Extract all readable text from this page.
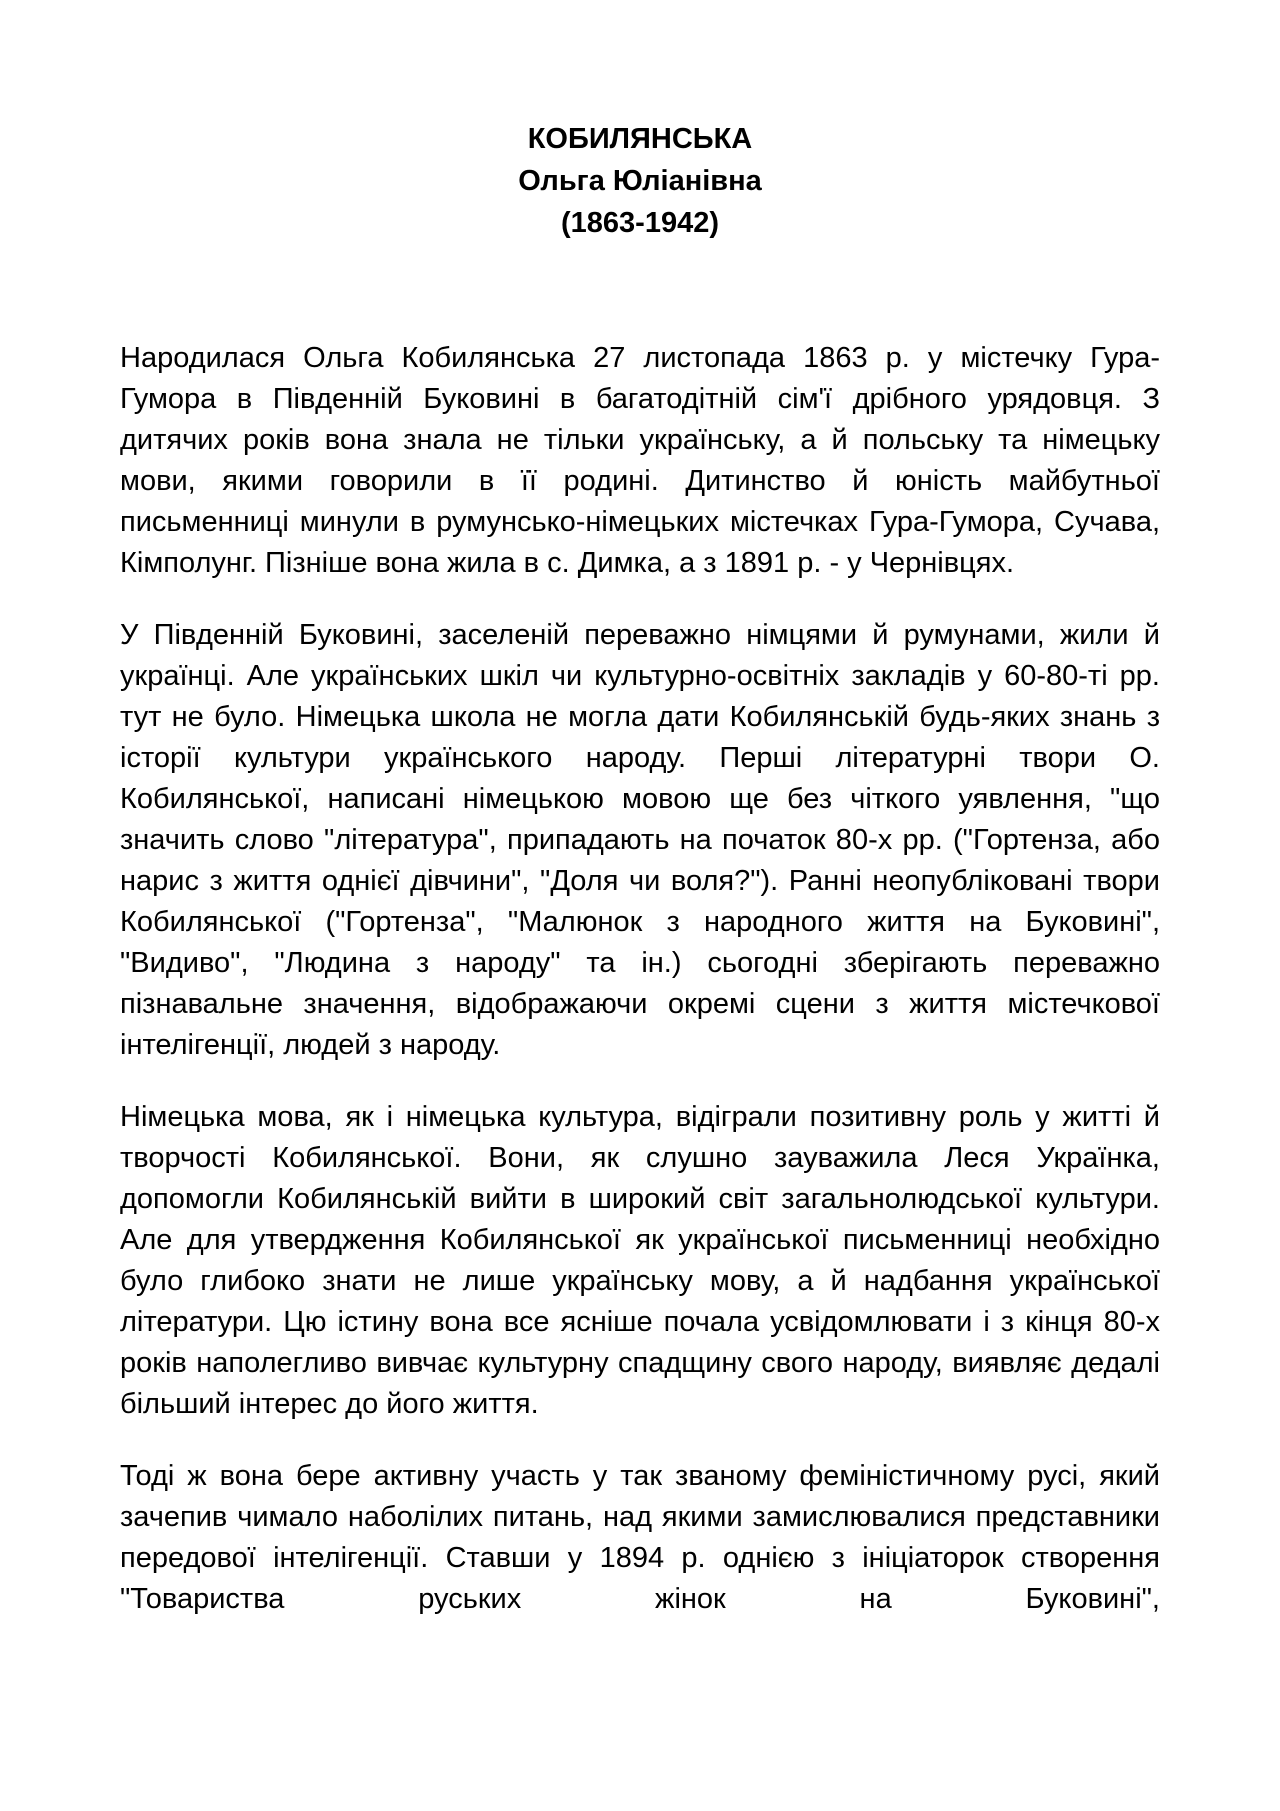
КОБИЛЯНСЬКА
Ольга Юліанівна
(1863-1942)

Народилася Ольга Кобилянська 27 листопада 1863 р. у містечку Гура-Гумора в Південній Буковині в багатодітній сім'ї дрібного урядовця. З дитячих років вона знала не тільки українську, а й польську та німецьку мови, якими говорили в її родині. Дитинство й юність майбутньої письменниці минули в румунсько-німецьких містечках Гура-Гумора, Сучава, Кімполунг. Пізніше вона жила в с. Димка, а з 1891 р. - у Чернівцях.

У Південній Буковині, заселеній переважно німцями й румунами, жили й українці. Але українських шкіл чи культурно-освітніх закладів у 60-80-ті рр. тут не було. Німецька школа не могла дати Кобилянській будь-яких знань з історії культури українського народу. Перші літературні твори О. Кобилянської, написані німецькою мовою ще без чіткого уявлення, "що значить слово "література", припадають на початок 80-х рр. ("Гортенза, або нарис з життя однієї дівчини", "Доля чи воля?"). Ранні неопубліковані твори Кобилянської ("Гортенза", "Малюнок з народного життя на Буковині", "Видиво", "Людина з народу" та ін.) сьогодні зберігають переважно пізнавальне значення, відображаючи окремі сцени з життя містечкової інтелігенції, людей з народу.

Німецька мова, як і німецька культура, відіграли позитивну роль у житті й творчості Кобилянської. Вони, як слушно зауважила Леся Українка, допомогли Кобилянській вийти в широкий світ загальнолюдської культури. Але для утвердження Кобилянської як української письменниці необхідно було глибоко знати не лише українську мову, а й надбання української літератури. Цю істину вона все ясніше почала усвідомлювати і з кінця 80-х років наполегливо вивчає культурну спадщину свого народу, виявляє дедалі більший інтерес до його життя.

Тоді ж вона бере активну участь у так званому феміністичному русі, який зачепив чимало наболілих питань, над якими замислювалися представники передової інтелігенції. Ставши у 1894 р. однією з ініціаторок створення "Товариства руських жінок на Буковині",
